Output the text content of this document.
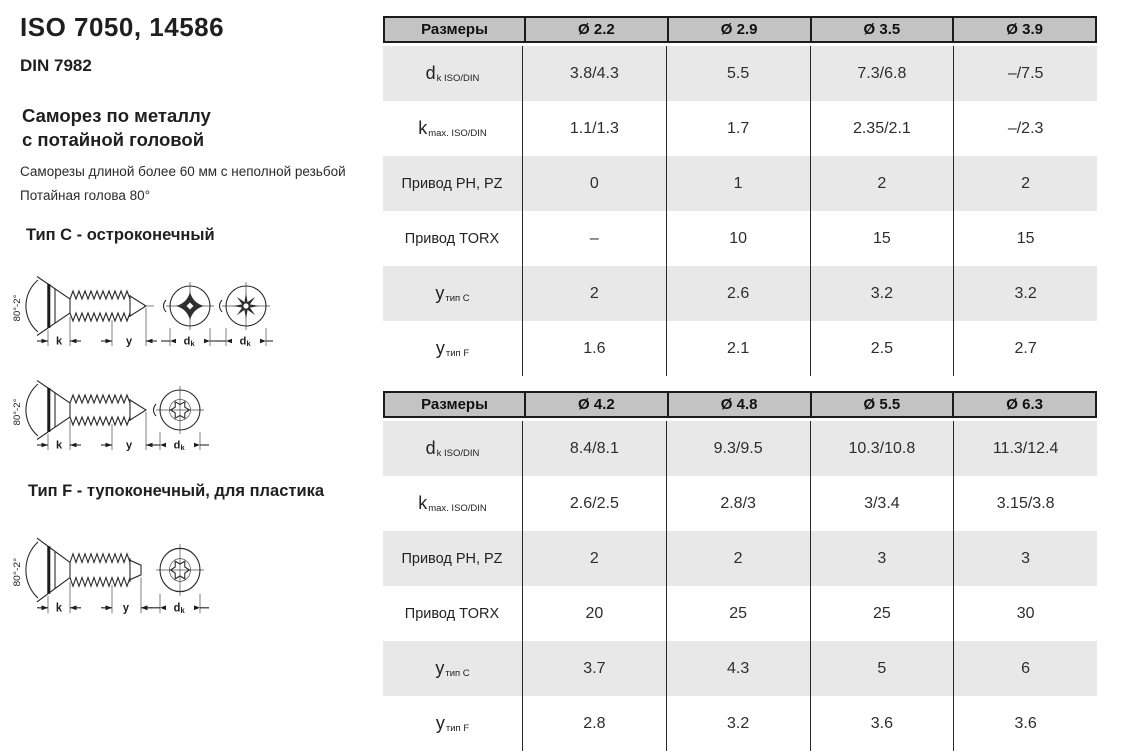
ISO 7050, 14586
DIN 7982
Саморез по металлу
с потайной головой
Саморезы длиной более 60 мм с неполной резьбой
Потайная голова 80°
Тип C - остроконечный
80°-2°
k	y	d k	d k
80°-2°
k	y	d k
Тип F - тупоконечный, для пластика
80°-2°
k	y	d k
Размеры	Ø 2.2	Ø 2.9	Ø 3.5	Ø 3.9
d k ISO/DIN	3.8/4.3	5.5	7.3/6.8	–/7.5
k max. ISO/DIN	1.1/1.3	1.7	2.35/2.1	–/2.3
Привод PH, PZ	0	1	2	2
Привод TORX	–	10	15	15
y тип C	2	2.6	3.2	3.2
y тип F	1.6	2.1	2.5	2.7
Размеры	Ø 4.2	Ø 4.8	Ø 5.5	Ø 6.3
d k ISO/DIN	8.4/8.1	9.3/9.5	10.3/10.8	11.3/12.4
k max. ISO/DIN	2.6/2.5	2.8/3	3/3.4	3.15/3.8
Привод PH, PZ	2	2	3	3
Привод TORX	20	25	25	30
y тип C	3.7	4.3	5	6
y тип F	2.8	3.2	3.6	3.6
